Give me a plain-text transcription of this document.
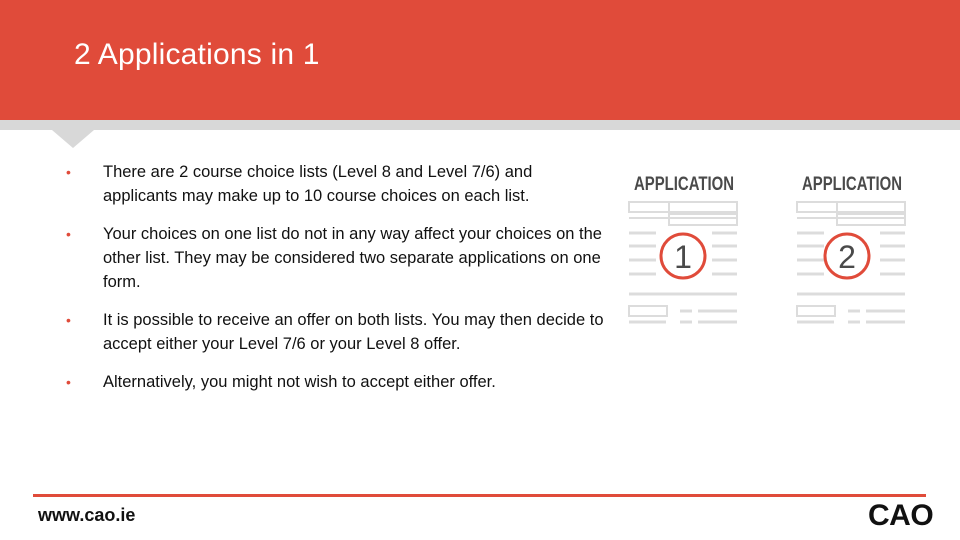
2 Applications in 1
• There are 2 course choice lists (Level 8 and Level 7/6) and applicants may make up to 10 course choices on each list.
• Your choices on one list do not in any way affect your choices on the other list. They may be considered two separate applications on one form.
• It is possible to receive an offer on both lists. You may then decide to accept either your Level 7/6 or your Level 8 offer.
• Alternatively, you might not wish to accept either offer.
APPLICATION
1
APPLICATION
2
www.cao.ie	CAO
